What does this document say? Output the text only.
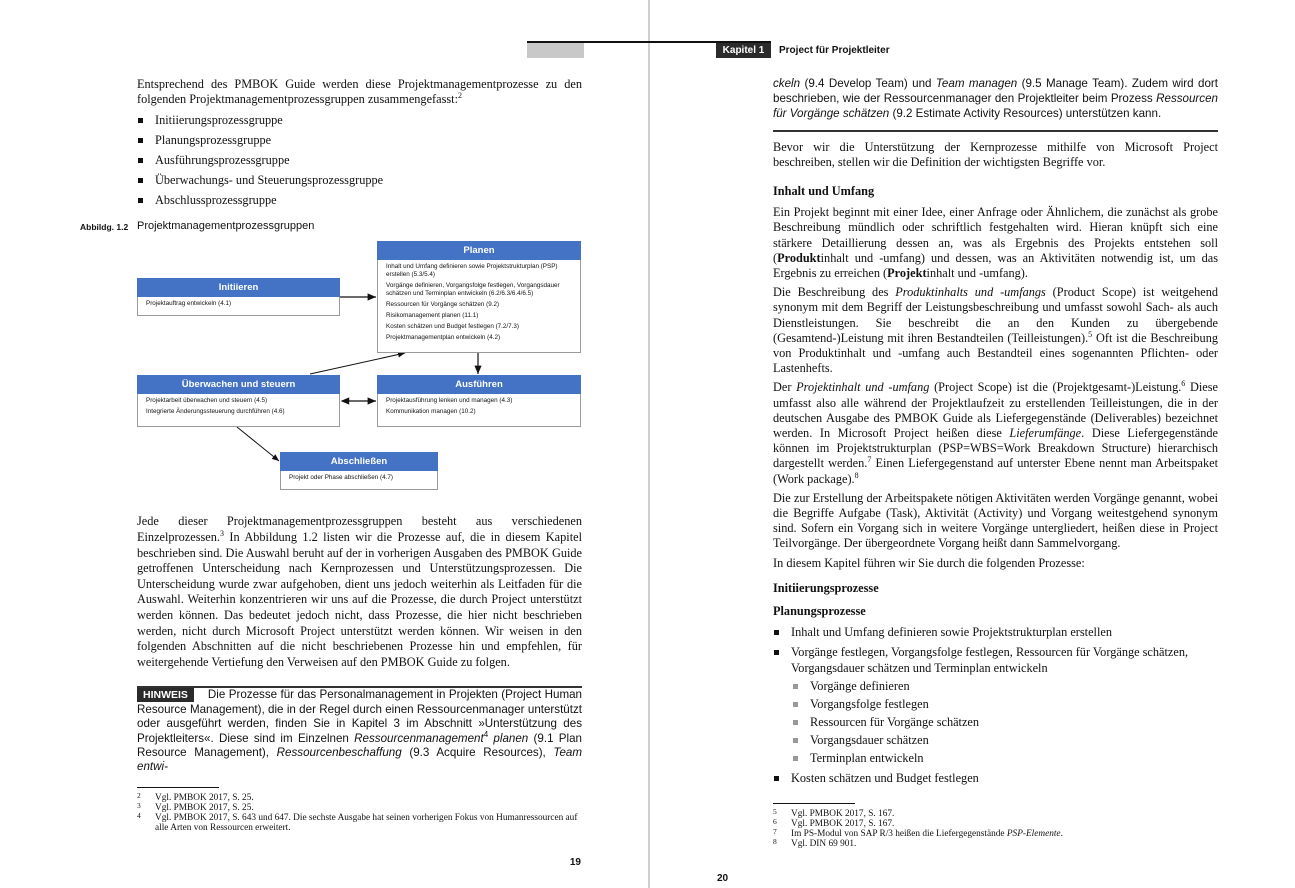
Kapitel 1	Project für Projektleiter
Entsprechend des PMBOK Guide werden diese Projektmanagementprozesse zu den folgenden Projektmanagementprozessgruppen zusammengefasst:$^2$
Initiierungsprozessgruppe
Planungsprozessgruppe
Ausführungsprozessgruppe
Überwachungs- und Steuerungsprozessgruppe
Abschlussprozessgruppe
Abbildg. 1.2 Projektmanagementprozessgruppen
Planen
Inhalt und Umfang definieren sowie Projektstrukturplan (PSP) erstellen (5.3/5.4)
Vorgänge definieren, Vorgangsfolge festlegen, Vorgangsdauer schätzen und Terminplan entwickeln (6.2/6.3/6.4/6.5)
Ressourcen für Vorgänge schätzen (9.2)
Risikomanagement planen (11.1)
Kosten schätzen und Budget festlegen (7.2/7.3)
Projektmanagementplan entwickeln (4.2)
Initiieren
Projektauftrag entwickeln (4.1)
Überwachen und steuern
Projektarbeit überwachen und steuern (4.5)
Integrierte Änderungssteuerung durchführen (4.6)
Ausführen
Projektausführung lenken und managen (4.3)
Kommunikation managen (10.2)
Abschließen
Projekt oder Phase abschließen (4.7)
Jede dieser Projektmanagementprozessgruppen besteht aus verschiedenen Einzelprozessen.$^3$ In Abbildung 1.2 listen wir die Prozesse auf, die in diesem Kapitel beschrieben sind. Die Auswahl beruht auf der in vorherigen Ausgaben des PMBOK Guide getroffenen Unterscheidung nach Kernprozessen und Unterstützungsprozessen. Die Unterscheidung wurde zwar aufgehoben, dient uns jedoch weiterhin als Leitfaden für die Auswahl. Weiterhin konzentrieren wir uns auf die Prozesse, die durch Project unterstützt werden können. Das bedeutet jedoch nicht, dass Prozesse, die hier nicht beschrieben werden, nicht durch Microsoft Project unterstützt werden können. Wir weisen in den folgenden Abschnitten auf die nicht beschriebenen Prozesse hin und empfehlen, für weitergehende Vertiefung den Verweisen auf den PMBOK Guide zu folgen.
HINWEIS Die Prozesse für das Personalmanagement in Projekten (Project Human Resource Management), die in der Regel durch einen Ressourcenmanager unterstützt oder ausgeführt werden, finden Sie in Kapitel 3 im Abschnitt »Unterstützung des Projektleiters«. Diese sind im Einzelnen Ressourcenmanagement$^4$ planen (9.1 Plan Resource Management), Ressourcenbeschaffung (9.3 Acquire Resources), Team entwi-
2 Vgl. PMBOK 2017, S. 25.
3 Vgl. PMBOK 2017, S. 25.
4 Vgl. PMBOK 2017, S. 643 und 647. Die sechste Ausgabe hat seinen vorherigen Fokus von Humanressourcen auf alle Arten von Ressourcen erweitert.
19
ckeln (9.4 Develop Team) und Team managen (9.5 Manage Team). Zudem wird dort beschrieben, wie der Ressourcenmanager den Projektleiter beim Prozess Ressourcen für Vorgänge schätzen (9.2 Estimate Activity Resources) unterstützen kann.
Bevor wir die Unterstützung der Kernprozesse mithilfe von Microsoft Project beschreiben, stellen wir die Definition der wichtigsten Begriffe vor.
Inhalt und Umfang
Ein Projekt beginnt mit einer Idee, einer Anfrage oder Ähnlichem, die zunächst als grobe Beschreibung mündlich oder schriftlich festgehalten wird. Hieran knüpft sich eine stärkere Detaillierung dessen an, was als Ergebnis des Projekts entstehen soll (Produktinhalt und -umfang) und dessen, was an Aktivitäten notwendig ist, um das Ergebnis zu erreichen (Projektinhalt und -umfang).
Die Beschreibung des Produktinhalts und -umfangs (Product Scope) ist weitgehend synonym mit dem Begriff der Leistungsbeschreibung und umfasst sowohl Sach- als auch Dienstleistungen. Sie beschreibt die an den Kunden zu übergebende (Gesamtend-)Leistung mit ihren Bestandteilen (Teilleistungen).$^5$ Oft ist die Beschreibung von Produktinhalt und -umfang auch Bestandteil eines sogenannten Pflichten- oder Lastenhefts.
Der Projektinhalt und -umfang (Project Scope) ist die (Projektgesamt-)Leistung.$^6$ Diese umfasst also alle während der Projektlaufzeit zu erstellenden Teilleistungen, die in der deutschen Ausgabe des PMBOK Guide als Liefergegenstände (Deliverables) bezeichnet werden. In Microsoft Project heißen diese Lieferumfänge. Diese Liefergegenstände können im Projektstrukturplan (PSP=WBS=Work Breakdown Structure) hierarchisch dargestellt werden.$^7$ Einen Liefergegenstand auf unterster Ebene nennt man Arbeitspaket (Work package).$^8$
Die zur Erstellung der Arbeitspakete nötigen Aktivitäten werden Vorgänge genannt, wobei die Begriffe Aufgabe (Task), Aktivität (Activity) und Vorgang weitestgehend synonym sind. Sofern ein Vorgang sich in weitere Vorgänge untergliedert, heißen diese in Project Teilvorgänge. Der übergeordnete Vorgang heißt dann Sammelvorgang.
In diesem Kapitel führen wir Sie durch die folgenden Prozesse:
Initiierungsprozesse
Planungsprozesse
Inhalt und Umfang definieren sowie Projektstrukturplan erstellen
Vorgänge festlegen, Vorgangsfolge festlegen, Ressourcen für Vorgänge schätzen, Vorgangsdauer schätzen und Terminplan entwickeln
Vorgänge definieren
Vorgangsfolge festlegen
Ressourcen für Vorgänge schätzen
Vorgangsdauer schätzen
Terminplan entwickeln
Kosten schätzen und Budget festlegen
5 Vgl. PMBOK 2017, S. 167.
6 Vgl. PMBOK 2017, S. 167.
7 Im PS-Modul von SAP R/3 heißen die Liefergegenstände PSP-Elemente.
8 Vgl. DIN 69 901.
20
